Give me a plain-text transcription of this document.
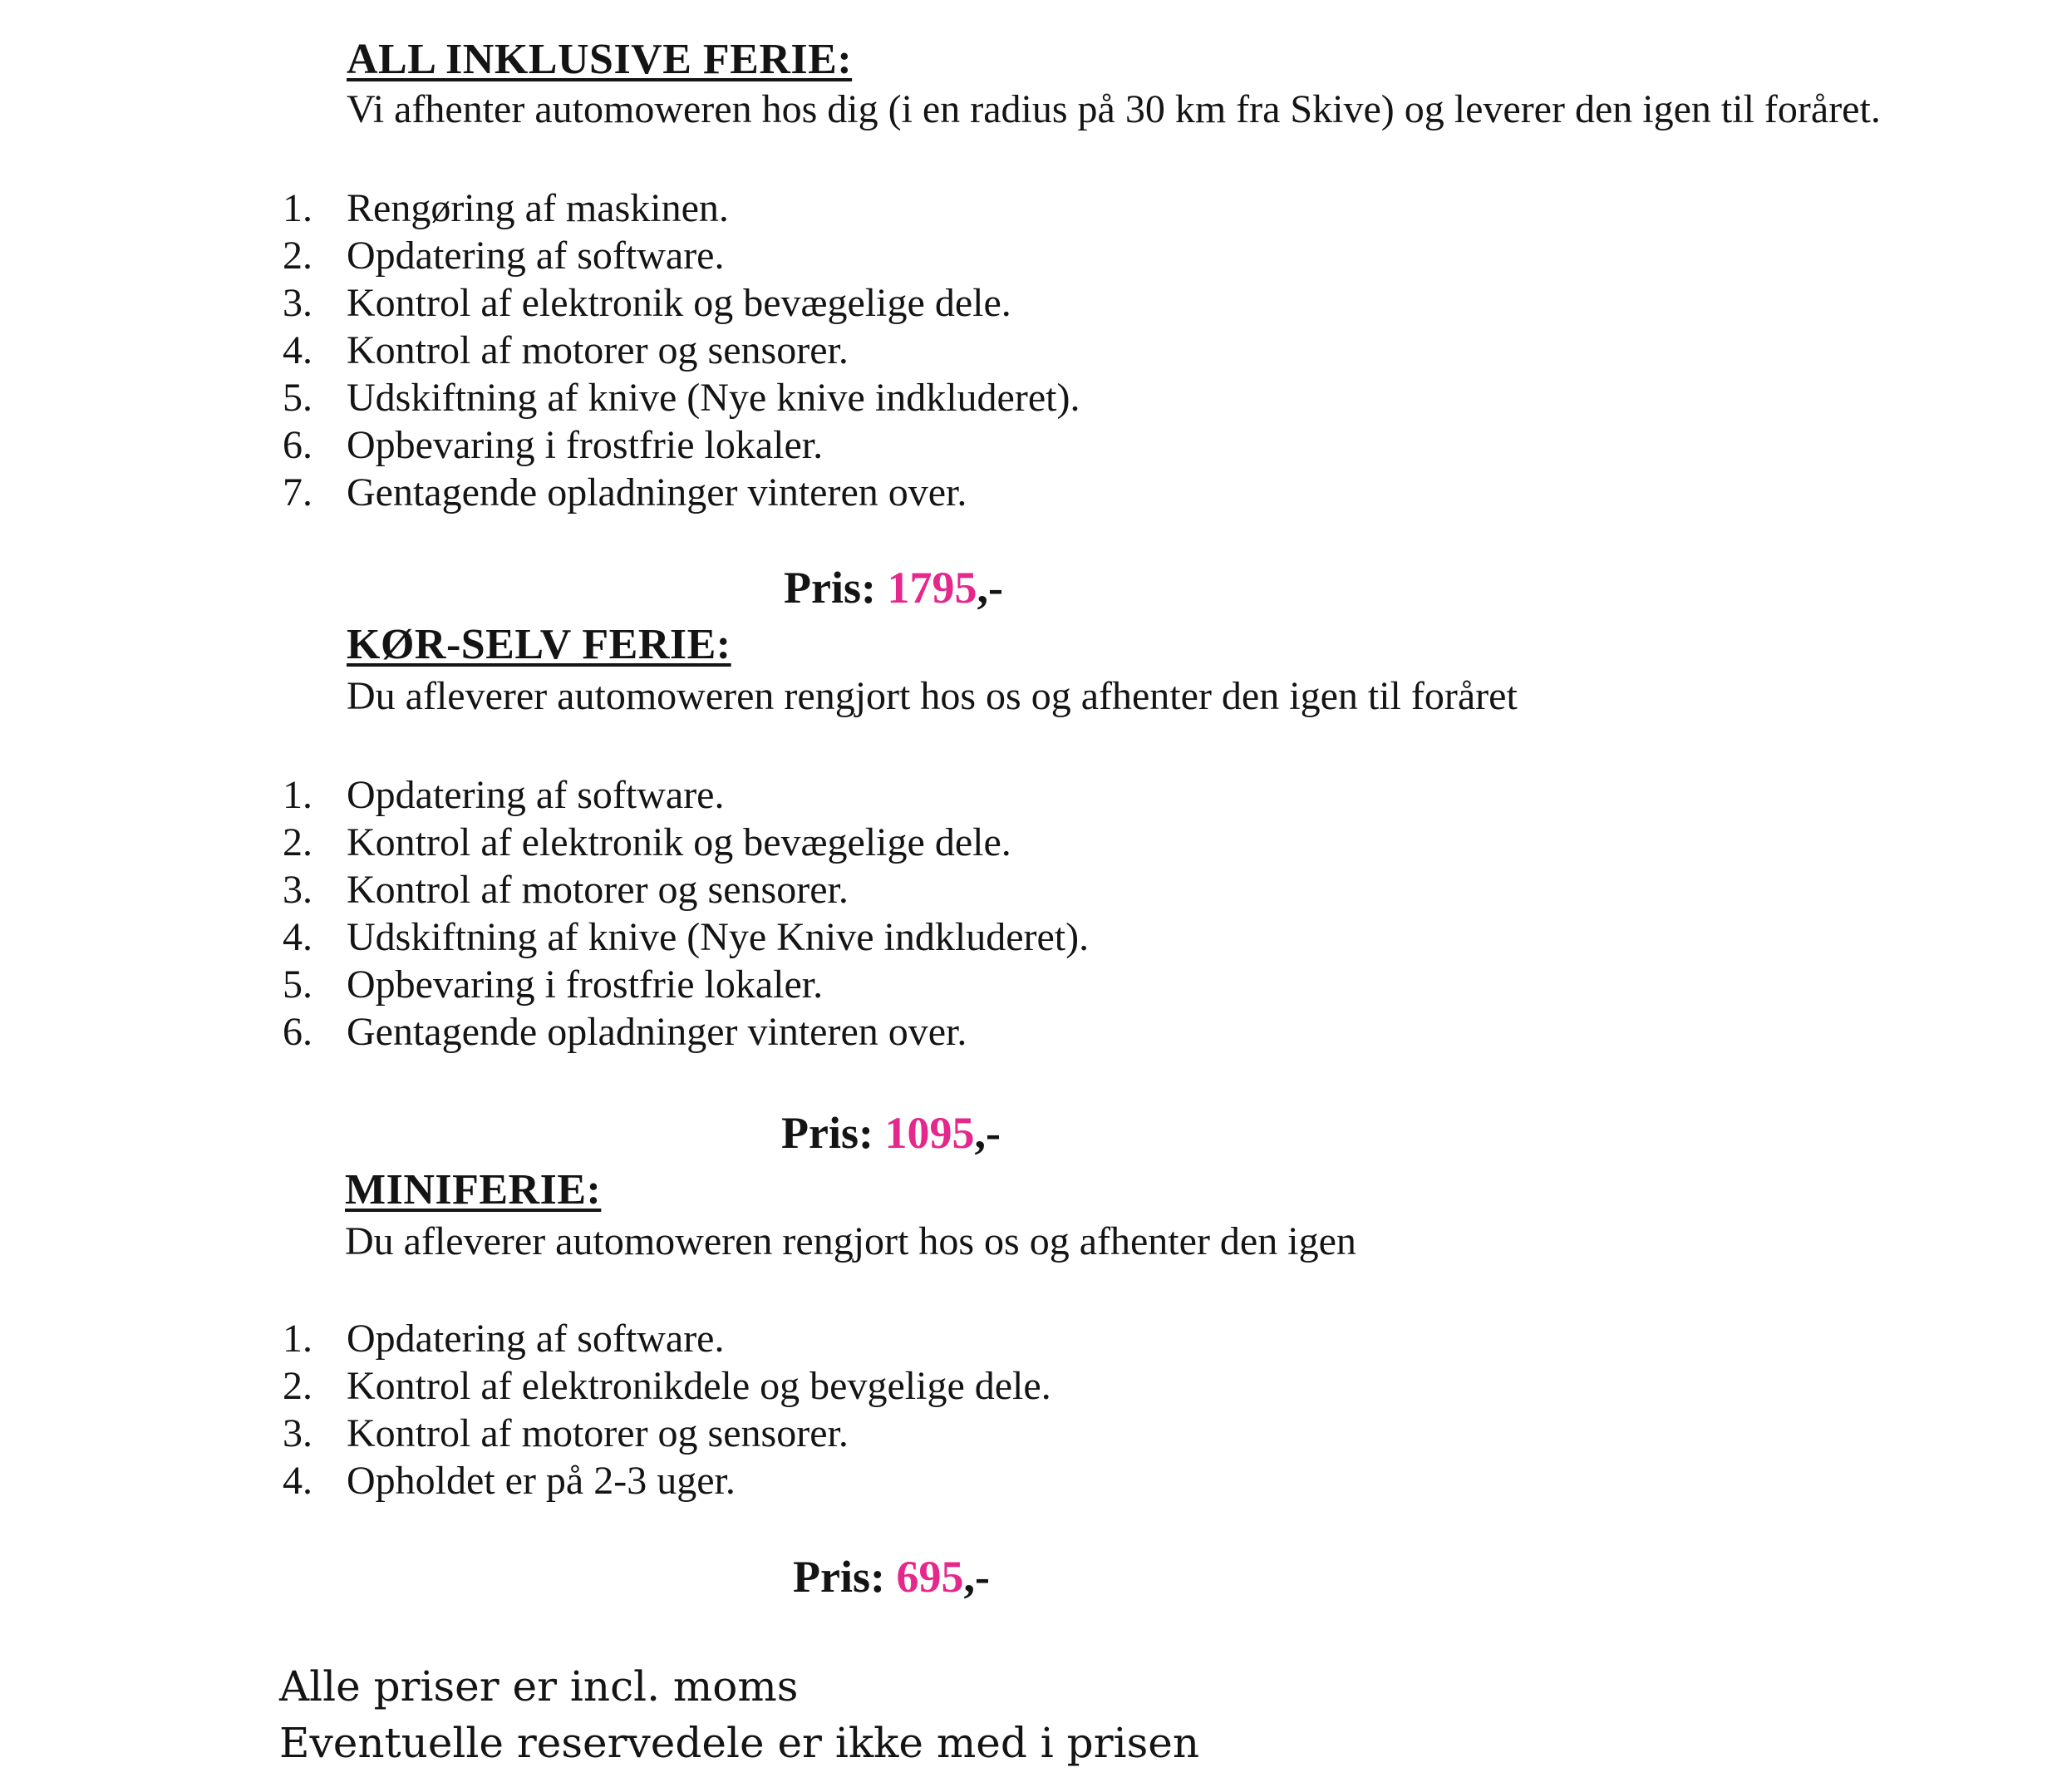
ALL INKLUSIVE FERIE:

Vi afhenter automoweren hos dig (i en radius på 30 km fra Skive) og leverer den igen til foråret.

1. Rengøring af maskinen.
2. Opdatering af software.
3. Kontrol af elektronik og bevægelige dele.
4. Kontrol af motorer og sensorer.
5. Udskiftning af knive (Nye knive indkluderet).
6. Opbevaring i frostfrie lokaler.
7. Gentagende opladninger vinteren over.

Pris: 1795,-

KØR-SELV FERIE:

Du afleverer automoweren rengjort hos os og afhenter den igen til foråret

1. Opdatering af software.
2. Kontrol af elektronik og bevægelige dele.
3. Kontrol af motorer og sensorer.
4. Udskiftning af knive (Nye Knive indkluderet).
5. Opbevaring i frostfrie lokaler.
6. Gentagende opladninger vinteren over.

Pris: 1095,-

MINIFERIE:

Du afleverer automoweren rengjort hos os og afhenter den igen

1. Opdatering af software.
2. Kontrol af elektronikdele og bevgelige dele.
3. Kontrol af motorer og sensorer.
4. Opholdet er på 2-3 uger.

Pris: 695,-

Alle priser er incl. moms

Eventuelle reservedele er ikke med i prisen
